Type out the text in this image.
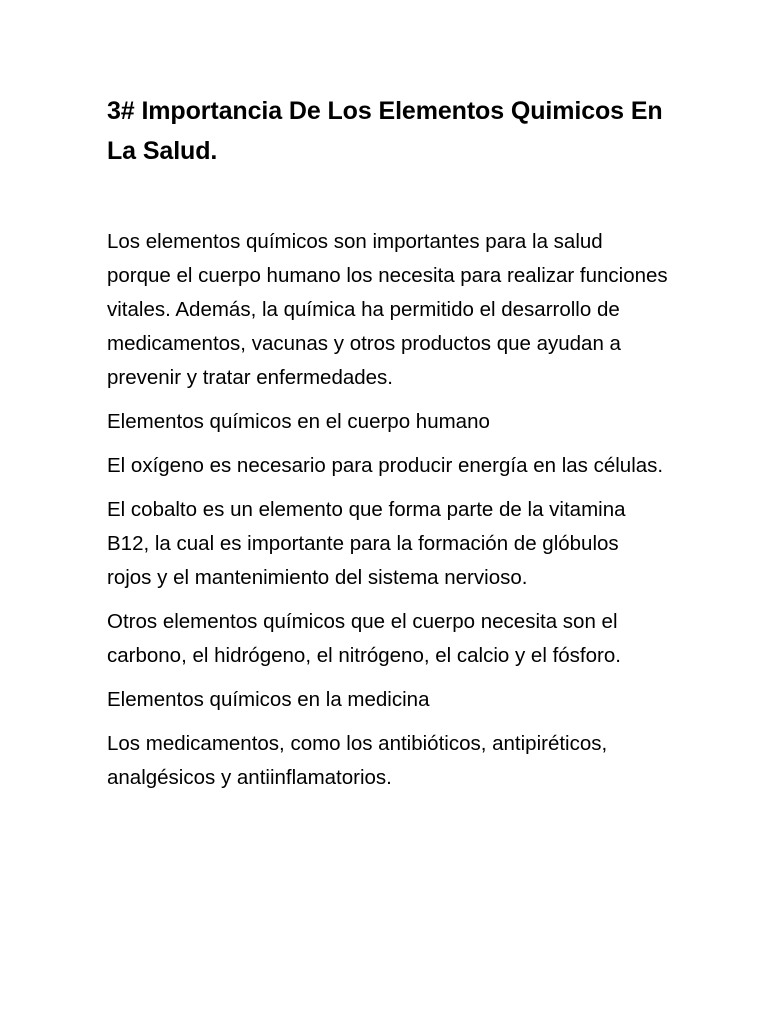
3# Importancia De Los Elementos Quimicos En La Salud.

Los elementos químicos son importantes para la salud porque el cuerpo humano los necesita para realizar funciones vitales. Además, la química ha permitido el desarrollo de medicamentos, vacunas y otros productos que ayudan a prevenir y tratar enfermedades.

Elementos químicos en el cuerpo humano

El oxígeno es necesario para producir energía en las células.

El cobalto es un elemento que forma parte de la vitamina B12, la cual es importante para la formación de glóbulos rojos y el mantenimiento del sistema nervioso.

Otros elementos químicos que el cuerpo necesita son el carbono, el hidrógeno, el nitrógeno, el calcio y el fósforo.

Elementos químicos en la medicina

Los medicamentos, como los antibióticos, antipiréticos, analgésicos y antiinflamatorios.
